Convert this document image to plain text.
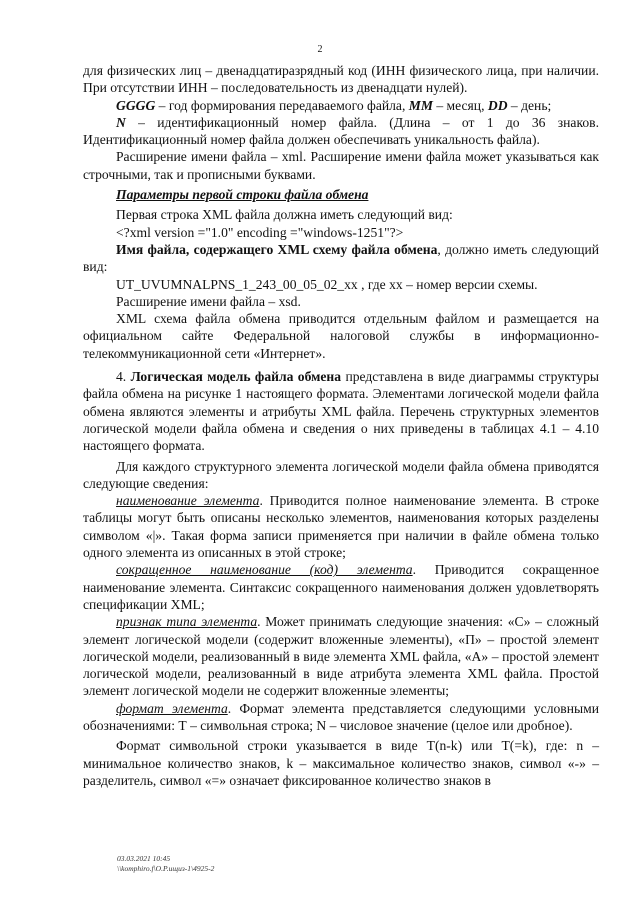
2

для физических лиц – двенадцатиразрядный код (ИНН физического лица, при наличии. При отсутствии ИНН – последовательность из двенадцати нулей).

GGGG – год формирования передаваемого файла, MM – месяц, DD – день;

N – идентификационный номер файла. (Длина – от 1 до 36 знаков. Идентификационный номер файла должен обеспечивать уникальность файла).

Расширение имени файла – xml. Расширение имени файла может указываться как строчными, так и прописными буквами.

Параметры первой строки файла обмена

Первая строка XML файла должна иметь следующий вид:

<?xml version ="1.0" encoding ="windows-1251"?>

Имя файла, содержащего XML схему файла обмена, должно иметь следующий вид:

UT_UVUMNALPNS_1_243_00_05_02_xx , где хх – номер версии схемы.

Расширение имени файла – xsd.

XML схема файла обмена приводится отдельным файлом и размещается на официальном сайте Федеральной налоговой службы в информационно-телекоммуникационной сети «Интернет».

4. Логическая модель файла обмена представлена в виде диаграммы структуры файла обмена на рисунке 1 настоящего формата. Элементами логической модели файла обмена являются элементы и атрибуты XML файла. Перечень структурных элементов логической модели файла обмена и сведения о них приведены в таблицах 4.1 – 4.10 настоящего формата.

Для каждого структурного элемента логической модели файла обмена приводятся следующие сведения:

наименование элемента. Приводится полное наименование элемента. В строке таблицы могут быть описаны несколько элементов, наименования которых разделены символом «|». Такая форма записи применяется при наличии в файле обмена только одного элемента из описанных в этой строке;

сокращенное наименование (код) элемента. Приводится сокращенное наименование элемента. Синтаксис сокращенного наименования должен удовлетворять спецификации XML;

признак типа элемента. Может принимать следующие значения: «С» – сложный элемент логической модели (содержит вложенные элементы), «П» – простой элемент логической модели, реализованный в виде элемента XML файла, «А» – простой элемент логической модели, реализованный в виде атрибута элемента XML файла. Простой элемент логической модели не содержит вложенные элементы;

формат элемента. Формат элемента представляется следующими условными обозначениями: Т – символьная строка; N – числовое значение (целое или дробное).

Формат символьной строки указывается в виде Т(n-k) или Т(=k), где: n – минимальное количество знаков, k – максимальное количество знаков, символ «-» – разделитель, символ «=» означает фиксированное количество знаков в

03.03.2021 10:45
\\komphiro.f\О.Р.ищиз-1\4925-2
